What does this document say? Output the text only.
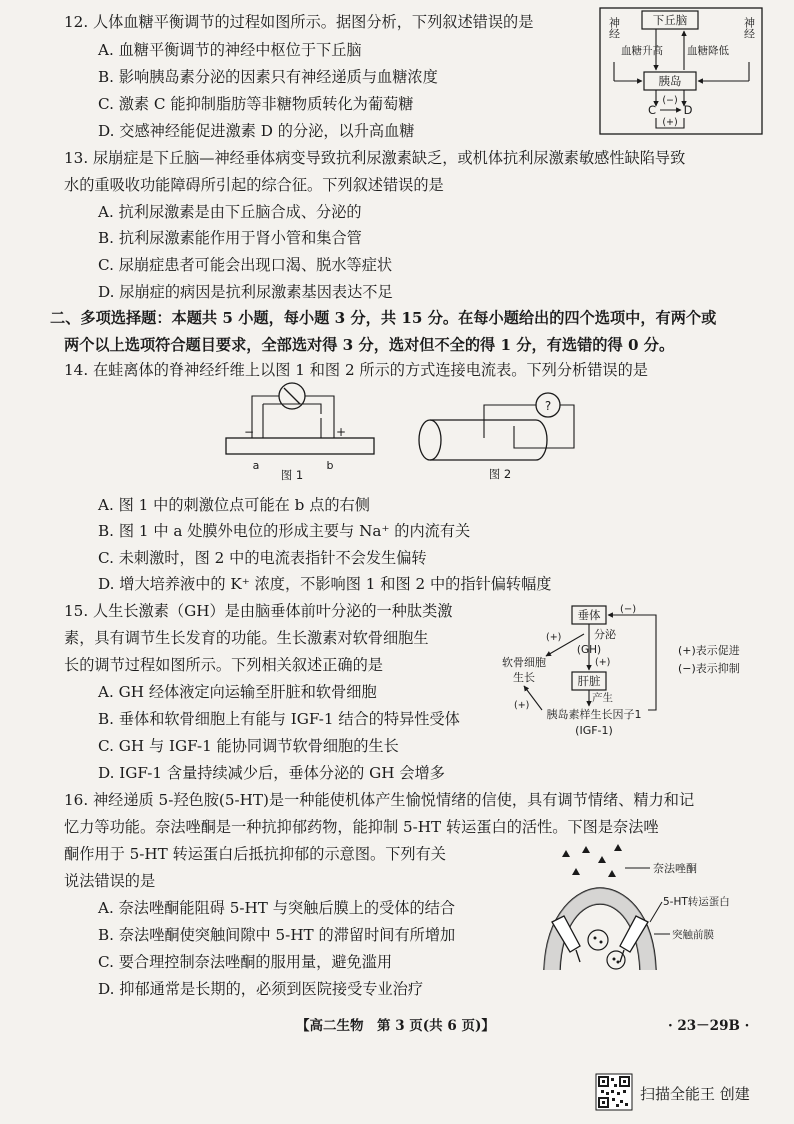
12. 人体血糖平衡调节的过程如图所示。据图分析，下列叙述错误的是
A. 血糖平衡调节的神经中枢位于下丘脑
B. 影响胰岛素分泌的因素只有神经递质与血糖浓度
C. 激素 C 能抑制脂肪等非糖物质转化为葡萄糖
D. 交感神经能促进激素 D 的分泌，以升高血糖
下丘脑
神经	神经
血糖升高 血糖降低
胰岛
C D
(−)
(+)
13. 尿崩症是下丘脑—神经垂体病变导致抗利尿激素缺乏，或机体抗利尿激素敏感性缺陷导致
水的重吸收功能障碍所引起的综合征。下列叙述错误的是
A. 抗利尿激素是由下丘脑合成、分泌的
B. 抗利尿激素能作用于肾小管和集合管
C. 尿崩症患者可能会出现口渴、脱水等症状
D. 尿崩症的病因是抗利尿激素基因表达不足
二、多项选择题：本题共 5 小题，每小题 3 分，共 15 分。在每小题给出的四个选项中，有两个或
两个以上选项符合题目要求，全部选对得 3 分，选对但不全的得 1 分，有选错的得 0 分。
14. 在蛙离体的脊神经纤维上以图 1 和图 2 所示的方式连接电流表。下列分析错误的是
−	+
a	b
图 1
?
图 2
A. 图 1 中的刺激位点可能在 b 点的右侧
B. 图 1 中 a 处膜外电位的形成主要与 Na⁺ 的内流有关
C. 未刺激时，图 2 中的电流表指针不会发生偏转
D. 增大培养液中的 K⁺ 浓度，不影响图 1 和图 2 中的指针偏转幅度
15. 人生长激素（GH）是由脑垂体前叶分泌的一种肽类激
素，具有调节生长发育的功能。生长激素对软骨细胞生
长的调节过程如图所示。下列相关叙述正确的是
A. GH 经体液定向运输至肝脏和软骨细胞
B. 垂体和软骨细胞上有能与 IGF-1 结合的特异性受体
C. GH 与 IGF-1 能协同调节软骨细胞的生长
D. IGF-1 含量持续减少后，垂体分泌的 GH 会增多
垂体 (−)
分泌
(GH)
(+)
肝脏
产生
胰岛素样生长因子1
(IGF-1)
软骨细胞
生长
(+)
(+)
(+)表示促进
(−)表示抑制
16. 神经递质 5-羟色胺(5-HT)是一种能使机体产生愉悦情绪的信使，具有调节情绪、精力和记
忆力等功能。奈法唑酮是一种抗抑郁药物，能抑制 5-HT 转运蛋白的活性。下图是奈法唑
酮作用于 5-HT 转运蛋白后抵抗抑郁的示意图。下列有关
说法错误的是
A. 奈法唑酮能阻碍 5-HT 与突触后膜上的受体的结合
B. 奈法唑酮使突触间隙中 5-HT 的滞留时间有所增加
C. 要合理控制奈法唑酮的服用量，避免滥用
D. 抑郁通常是长期的，必须到医院接受专业治疗
奈法唑酮
5-HT转运蛋白
突触前膜
【高二生物　第 3 页(共 6 页)】	· 23－29B ·
扫描全能王 创建
